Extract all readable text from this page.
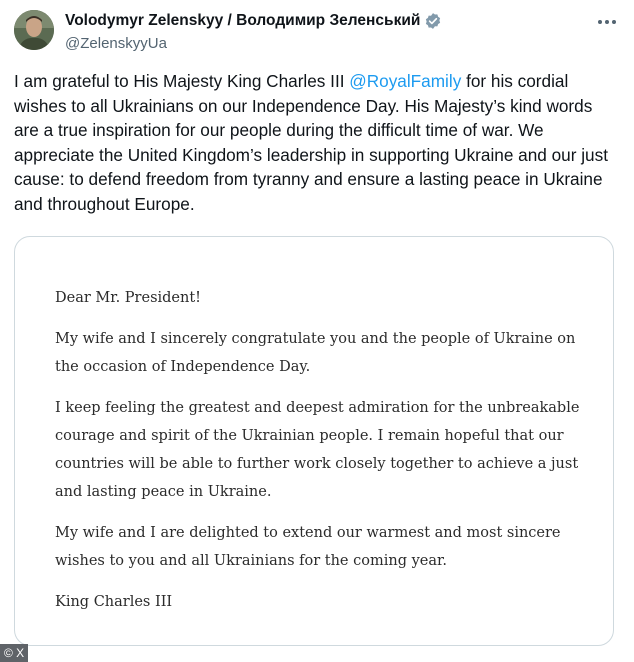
Volodymyr Zelenskyy / Володимир Зеленський
@ZelenskyyUa

I am grateful to His Majesty King Charles III @RoyalFamily for his cordial wishes to all Ukrainians on our Independence Day. His Majesty’s kind words are a true inspiration for our people during the difficult time of war. We appreciate the United Kingdom’s leadership in supporting Ukraine and our just cause: to defend freedom from tyranny and ensure a lasting peace in Ukraine and throughout Europe.

Dear Mr. President!

My wife and I sincerely congratulate you and the people of Ukraine on the occasion of Independence Day.

I keep feeling the greatest and deepest admiration for the unbreakable courage and spirit of the Ukrainian people. I remain hopeful that our countries will be able to further work closely together to achieve a just and lasting peace in Ukraine.

My wife and I are delighted to extend our warmest and most sincere wishes to you and all Ukrainians for the coming year.

King Charles III

© X
